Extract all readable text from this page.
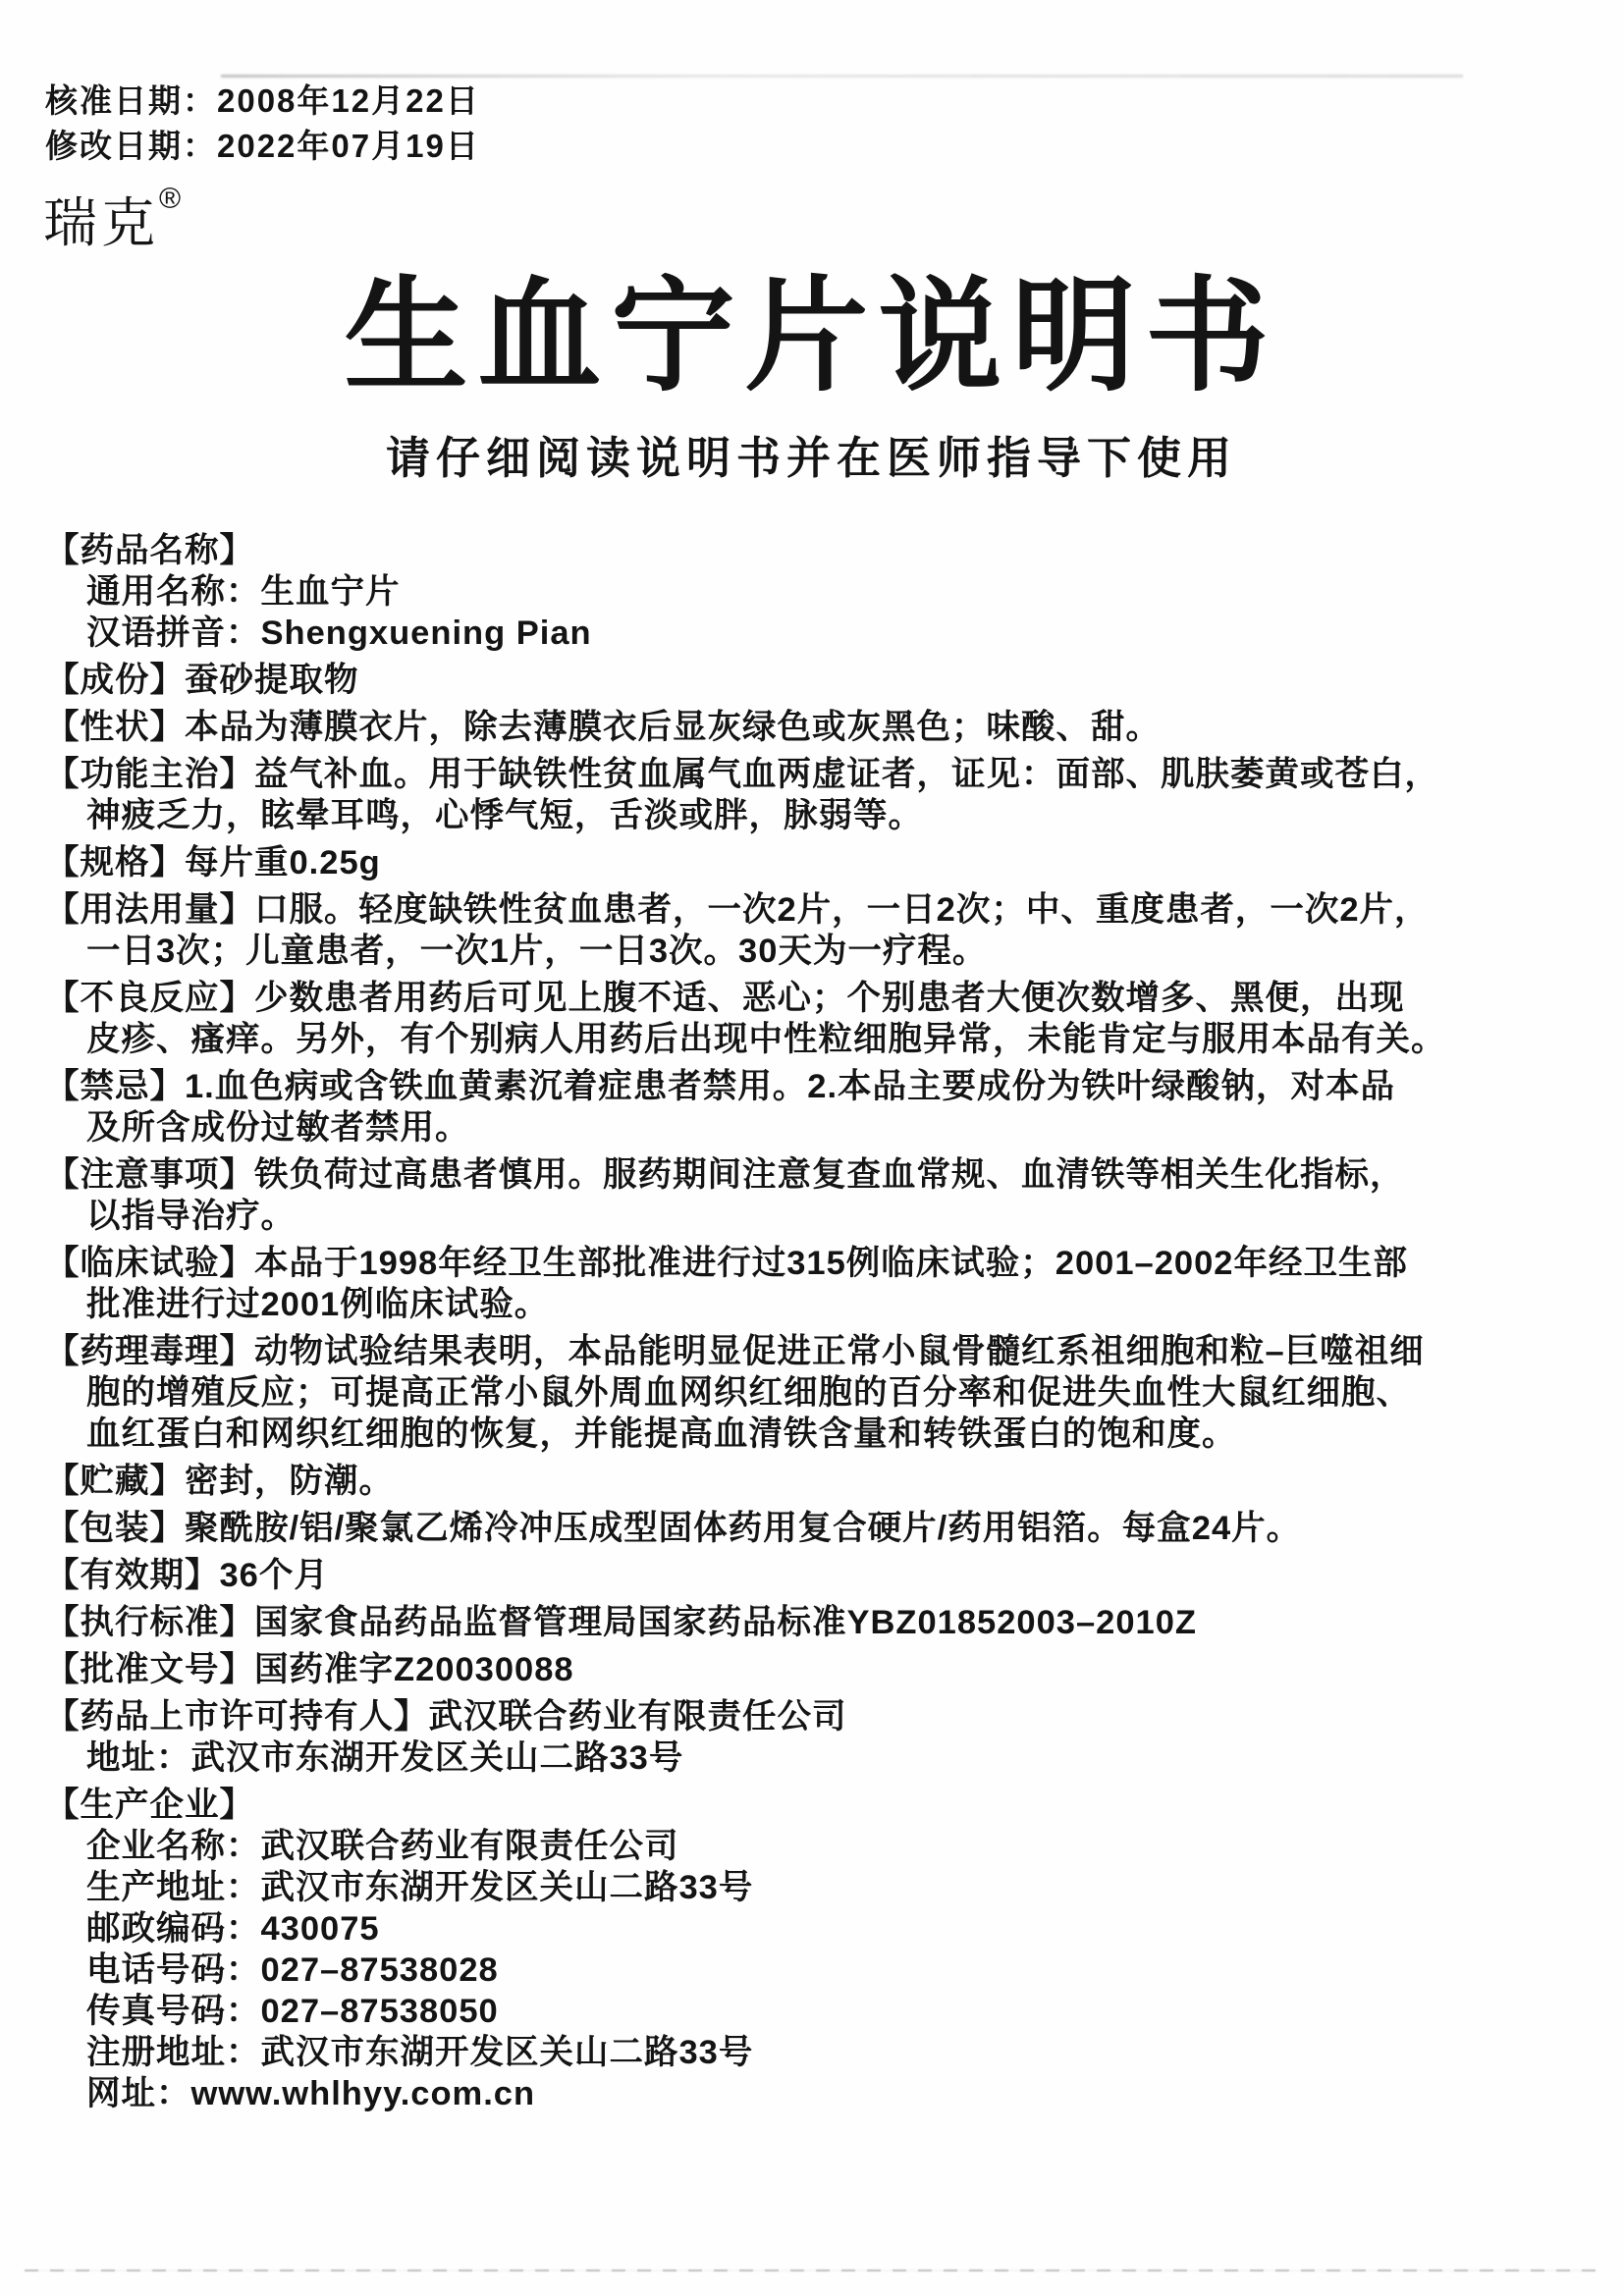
核准日期：2008年12月22日
修改日期：2022年07月19日
瑞克®
生血宁片说明书
请仔细阅读说明书并在医师指导下使用
【药品名称】
通用名称：生血宁片
汉语拼音：Shengxuening Pian
【成份】蚕砂提取物
【性状】本品为薄膜衣片，除去薄膜衣后显灰绿色或灰黑色；味酸、甜。
【功能主治】益气补血。用于缺铁性贫血属气血两虚证者，证见：面部、肌肤萎黄或苍白，
神疲乏力，眩晕耳鸣，心悸气短，舌淡或胖，脉弱等。
【规格】每片重0.25g
【用法用量】口服。轻度缺铁性贫血患者，一次2片，一日2次；中、重度患者，一次2片，
一日3次；儿童患者，一次1片，一日3次。30天为一疗程。
【不良反应】少数患者用药后可见上腹不适、恶心；个别患者大便次数增多、黑便，出现
皮疹、瘙痒。另外，有个别病人用药后出现中性粒细胞异常，未能肯定与服用本品有关。
【禁忌】1.血色病或含铁血黄素沉着症患者禁用。2.本品主要成份为铁叶绿酸钠，对本品
及所含成份过敏者禁用。
【注意事项】铁负荷过高患者慎用。服药期间注意复查血常规、血清铁等相关生化指标，
以指导治疗。
【临床试验】本品于1998年经卫生部批准进行过315例临床试验；2001–2002年经卫生部
批准进行过2001例临床试验。
【药理毒理】动物试验结果表明，本品能明显促进正常小鼠骨髓红系祖细胞和粒–巨噬祖细
胞的增殖反应；可提高正常小鼠外周血网织红细胞的百分率和促进失血性大鼠红细胞、
血红蛋白和网织红细胞的恢复，并能提高血清铁含量和转铁蛋白的饱和度。
【贮藏】密封，防潮。
【包装】聚酰胺/铝/聚氯乙烯冷冲压成型固体药用复合硬片/药用铝箔。每盒24片。
【有效期】36个月
【执行标准】国家食品药品监督管理局国家药品标准YBZ01852003–2010Z
【批准文号】国药准字Z20030088
【药品上市许可持有人】武汉联合药业有限责任公司
地址：武汉市东湖开发区关山二路33号
【生产企业】
企业名称：武汉联合药业有限责任公司
生产地址：武汉市东湖开发区关山二路33号
邮政编码：430075
电话号码：027–87538028
传真号码：027–87538050
注册地址：武汉市东湖开发区关山二路33号
网址：www.whlhyy.com.cn
